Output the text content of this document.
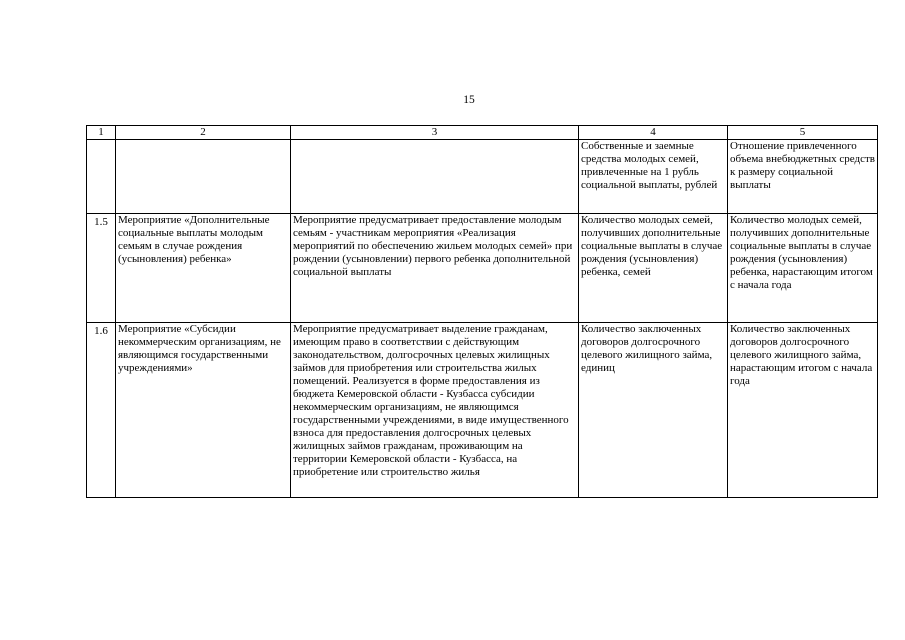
15
1	2	3	4	5
			Собственные и заемные средства молодых семей, привлеченные на 1 рубль социальной выплаты, рублей	Отношение привлеченного объема внебюджетных средств к размеру социальной выплаты
1.5	Мероприятие «Дополнительные социальные выплаты молодым семьям в случае рождения (усыновления) ребенка»	Мероприятие предусматривает предоставление молодым семьям - участникам мероприятия «Реализация мероприятий по обеспечению жильем молодых семей» при рождении (усыновлении) первого ребенка дополнительной социальной выплаты	Количество молодых семей, получивших дополнительные социальные выплаты в случае рождения (усыновления) ребенка, семей	Количество молодых семей, получивших дополнительные социальные выплаты в случае рождения (усыновления) ребенка, нарастающим итогом с начала года
1.6	Мероприятие «Субсидии некоммерческим организациям, не являющимся государственными учреждениями»	Мероприятие предусматривает выделение гражданам, имеющим право в соответствии с действующим законодательством, долгосрочных целевых жилищных займов для приобретения или строительства жилых помещений. Реализуется в форме предоставления из бюджета Кемеровской области - Кузбасса субсидии некоммерческим организациям, не являющимся государственными учреждениями, в виде имущественного взноса для предоставления долгосрочных целевых жилищных займов гражданам, проживающим на территории Кемеровской области - Кузбасса, на приобретение или строительство жилья	Количество заключенных договоров долгосрочного целевого жилищного займа, единиц	Количество заключенных договоров долгосрочного целевого жилищного займа, нарастающим итогом с начала года
